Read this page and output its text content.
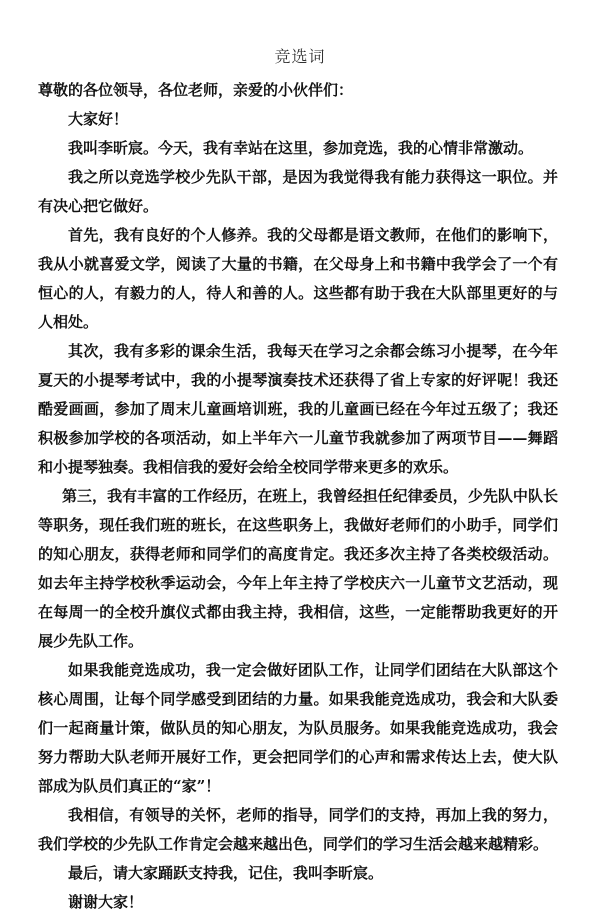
竞选词

尊敬的各位领导，各位老师，亲爱的小伙伴们：

大家好！

我叫李昕宸。今天，我有幸站在这里，参加竞选，我的心情非常激动。

我之所以竞选学校少先队干部，是因为我觉得我有能力获得这一职位。并有决心把它做好。

首先，我有良好的个人修养。我的父母都是语文教师，在他们的影响下，我从小就喜爱文学，阅读了大量的书籍，在父母身上和书籍中我学会了一个有恒心的人，有毅力的人，待人和善的人。这些都有助于我在大队部里更好的与人相处。

其次，我有多彩的课余生活，我每天在学习之余都会练习小提琴，在今年夏天的小提琴考试中，我的小提琴演奏技术还获得了省上专家的好评呢！我还酷爱画画，参加了周末儿童画培训班，我的儿童画已经在今年过五级了；我还积极参加学校的各项活动，如上半年六一儿童节我就参加了两项节目——舞蹈和小提琴独奏。我相信我的爱好会给全校同学带来更多的欢乐。

第三，我有丰富的工作经历，在班上，我曾经担任纪律委员，少先队中队长等职务，现任我们班的班长，在这些职务上，我做好老师们的小助手，同学们的知心朋友，获得老师和同学们的高度肯定。我还多次主持了各类校级活动。如去年主持学校秋季运动会，今年上年主持了学校庆六一儿童节文艺活动，现在每周一的全校升旗仪式都由我主持，我相信，这些，一定能帮助我更好的开展少先队工作。

如果我能竞选成功，我一定会做好团队工作，让同学们团结在大队部这个核心周围，让每个同学感受到团结的力量。如果我能竞选成功，我会和大队委们一起商量计策，做队员的知心朋友，为队员服务。如果我能竞选成功，我会努力帮助大队老师开展好工作，更会把同学们的心声和需求传达上去，使大队部成为队员们真正的“家”！

我相信，有领导的关怀，老师的指导，同学们的支持，再加上我的努力，我们学校的少先队工作肯定会越来越出色，同学们的学习生活会越来越精彩。

最后，请大家踊跃支持我，记住，我叫李昕宸。

谢谢大家！
